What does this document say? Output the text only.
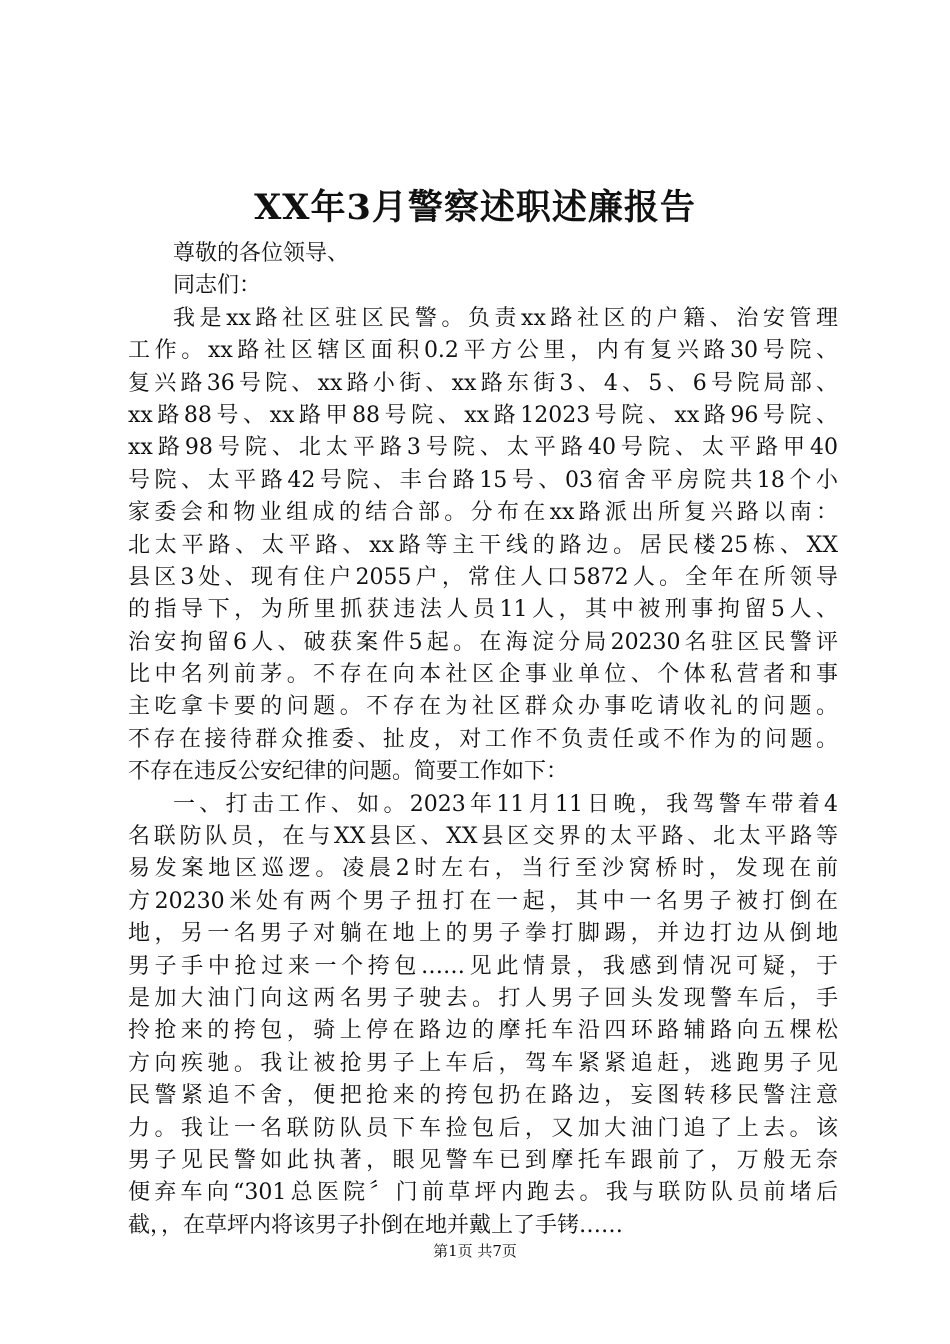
XX年3月警察述职述廉报告
尊敬的各位领导、
同志们：
我是xx路社区驻区民警。负责xx路社区的户籍、治安管理
工作。xx路社区辖区面积0.2平方公里，内有复兴路30号院、
复兴路36号院、xx路小街、xx路东街3、4、5、6号院局部、
xx路88号、xx路甲88号院、xx路12023号院、xx路96号院、
xx路98号院、北太平路3号院、太平路40号院、太平路甲40
号院、太平路42号院、丰台路15号、03宿舍平房院共18个小
家委会和物业组成的结合部。分布在xx路派出所复兴路以南：
北太平路、太平路、xx路等主干线的路边。居民楼25栋、XX
县区3处、现有住户2055户，常住人口5872人。全年在所领导
的指导下，为所里抓获违法人员11人，其中被刑事拘留5人、
治安拘留6人、破获案件5起。在海淀分局20230名驻区民警评
比中名列前茅。不存在向本社区企事业单位、个体私营者和事
主吃拿卡要的问题。不存在为社区群众办事吃请收礼的问题。
不存在接待群众推委、扯皮，对工作不负责任或不作为的问题。
不存在违反公安纪律的问题。简要工作如下：
一、打击工作、如。2023年11月11日晚，我驾警车带着4
名联防队员，在与XX县区、XX县区交界的太平路、北太平路等
易发案地区巡逻。凌晨2时左右，当行至沙窝桥时，发现在前
方20230米处有两个男子扭打在一起，其中一名男子被打倒在
地，另一名男子对躺在地上的男子拳打脚踢，并边打边从倒地
男子手中抢过来一个挎包……见此情景，我感到情况可疑，于
是加大油门向这两名男子驶去。打人男子回头发现警车后，手
拎抢来的挎包，骑上停在路边的摩托车沿四环路辅路向五棵松
方向疾驰。我让被抢男子上车后，驾车紧紧追赶，逃跑男子见
民警紧追不舍，便把抢来的挎包扔在路边，妄图转移民警注意
力。我让一名联防队员下车捡包后，又加大油门追了上去。该
男子见民警如此执著，眼见警车已到摩托车跟前了，万般无奈
便弃车向“301总医院〞门前草坪内跑去。我与联防队员前堵后
截，，在草坪内将该男子扑倒在地并戴上了手铐……
第1页 共7页
